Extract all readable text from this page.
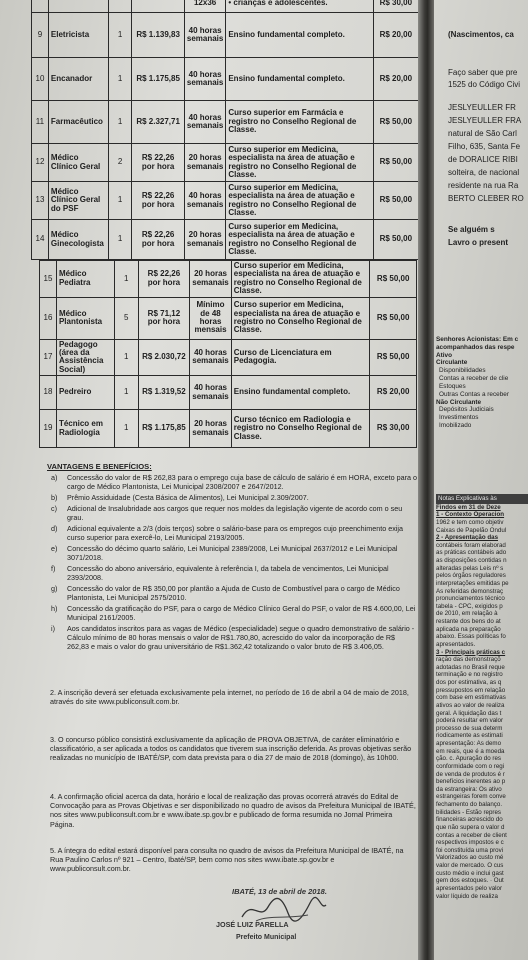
				12x36	• crianças e adolescentes.	R$ 30,00
9	Eletricista	1	R$ 1.139,83	40 horas semanais	Ensino fundamental completo.	R$ 20,00
10	Encanador	1	R$ 1.175,85	40 horas semanais	Ensino fundamental completo.	R$ 20,00
11	Farmacêutico	1	R$ 2.327,71	40 horas semanais	Curso superior em Farmácia e registro no Conselho Regional de Classe.	R$ 50,00
12	Médico Clínico Geral	2	R$ 22,26 por hora	20 horas semanais	Curso superior em Medicina, especialista na área de atuação e registro no Conselho Regional de Classe.	R$ 50,00
13	Médico Clínico Geral do PSF	1	R$ 22,26 por hora	40 horas semanais	Curso superior em Medicina, especialista na área de atuação e registro no Conselho Regional de Classe.	R$ 50,00
14	Médico Ginecologista	1	R$ 22,26 por hora	20 horas semanais	Curso superior em Medicina, especialista na área de atuação e registro no Conselho Regional de Classe.	R$ 50,00
15	Médico Pediatra	1	R$ 22,26 por hora	20 horas semanais	Curso superior em Medicina, especialista na área de atuação e registro no Conselho Regional de Classe.	R$ 50,00
16	Médico Plantonista	5	R$ 71,12 por hora	Mínimo de 48 horas mensais	Curso superior em Medicina, especialista na área de atuação e registro no Conselho Regional de Classe.	R$ 50,00
17	Pedagogo (área da Assistência Social)	1	R$ 2.030,72	40 horas semanais	Curso de Licenciatura em Pedagogia.	R$ 50,00
18	Pedreiro	1	R$ 1.319,52	40 horas semanais	Ensino fundamental completo.	R$ 20,00
19	Técnico em Radiologia	1	R$ 1.175,85	20 horas semanais	Curso técnico em Radiologia e registro no Conselho Regional de Classe.	R$ 30,00
VANTAGENS E BENEFÍCIOS:
a)	Concessão do valor de R$ 262,83 para o emprego cuja base de cálculo de salário é em HORA, exceto para o cargo de Médico Plantonista, Lei Municipal 2308/2007 e 2647/2012.
b)	Prêmio Assiduidade (Cesta Básica de Alimentos), Lei Municipal 2.309/2007.
c)	Adicional de Insalubridade aos cargos que requer nos moldes da legislação vigente de acordo com o seu grau.
d)	Adicional equivalente a 2/3 (dois terços) sobre o salário-base para os empregos cujo preenchimento exija curso superior para exercê-lo, Lei Municipal 2193/2005.
e)	Concessão do décimo quarto salário, Lei Municipal 2389/2008, Lei Municipal 2637/2012 e Lei Municipal 3071/2018.
f)	Concessão do abono aniversário, equivalente à referência I, da tabela de vencimentos, Lei Municipal 2393/2008.
g)	Concessão do valor de R$ 350,00 por plantão a Ajuda de Custo de Combustível para o cargo de Médico Plantonista, Lei Municipal 2575/2010.
h)	Concessão da gratificação do PSF, para o cargo de Médico Clínico Geral do PSF, o valor de R$ 4.600,00, Lei Municipal 2161/2005.
i)	Aos candidatos inscritos para as vagas de Médico (especialidade) segue o quadro demonstrativo de salário - Cálculo mínimo de 80 horas mensais o valor de R$1.780,80, acrescido do valor da incorporação de R$ 262,83 e mais o valor do grau universitário de R$1.362,42 totalizando o valor bruto de R$ 3.406,05.
2. A inscrição deverá ser efetuada exclusivamente pela internet, no período de 16 de abril a 04 de maio de 2018, através do site www.publiconsult.com.br.
3. O concurso público consistirá exclusivamente da aplicação de PROVA OBJETIVA, de caráter eliminatório e classificatório, a ser aplicada a todos os candidatos que tiverem sua inscrição deferida. As provas objetivas serão realizadas no município de IBATÉ/SP, com data prevista para o dia 27 de maio de 2018 (domingo), às 10h00.
4. A confirmação oficial acerca da data, horário e local de realização das provas ocorrerá através do Edital de Convocação para as Provas Objetivas e ser disponibilizado no quadro de avisos da Prefeitura Municipal de IBATÉ, nos sites www.publiconsult.com.br e www.ibate.sp.gov.br e publicado de forma resumida no Jornal Primeira Página.
5. A íntegra do edital estará disponível para consulta no quadro de avisos da Prefeitura Municipal de IBATÉ, na Rua Paulino Carlos nº 921 – Centro, Ibaté/SP, bem como nos sites www.ibate.sp.gov.br e www.publiconsult.com.br.
IBATÉ, 13 de abril de 2018.
JOSÉ LUIZ PARELLA
Prefeito Municipal
(Nascimentos, ca
Faço saber que pre
1525 do Código Civi
JESLYEULLER FR
JESLYEULLER FRA
natural de São Carl
Filho, 635, Santa Fe
de DORALICE RIBI
solteira, de nacional
residente na rua Ra
BERTO CLEBER RO
Se alguém s
Lavro o present
Senhores Acionistas: Em c acompanhados das respe
Ativo
Circulante
Disponibilidades
Contas a receber de clie
Estoques
Outras Contas a receber
Não Circulante
Depósitos Judiciais
Investimentos
Imobilizado
Notas Explicativas às
Findos em 31 de Deze
1 - Contexto Operacion
1962 e tem como objetiv
Caixas de Papelão Ondul
2 - Apresentação das
contábeis foram elaborad
as práticas contábeis ado
as disposições contidas n
alteradas pelas Leis nº s
pelos órgãos reguladores
interpretações emitidas pe
As referidas demonstraç
pronunciamentos técnico
tabela - CPC, exigidos p
de 2010, em relação à
restante dos bens do at
aplicada na preparação
abaixo. Essas políticas fo
apresentados.
3 - Principais práticas c
ração das demonstraçõ
adotadas no Brasil reque
terminação e no registro
dos por estimativa, as q
pressupostos em relação
com base em estimativas
ativos ao valor de realiza
geral. A liquidação das t
poderá resultar em valor
processo de sua determ
riodicamente as estimati
apresentação: As demo
em reais, que é a moeda
ção. c. Apuração do res
conformidade com o regi
de venda de produtos é r
benefícios inerentes ao p
da estrangeira: Os ativo
estrangeiras forem conve
fechamento do balanço.
bilidades - Estão repres
financeiras acrescido do
que não supera o valor d
contas a receber de client
respectivos impostos e c
foi constituída uma provi
Valorizados ao custo mé
valor de mercado. O cus
custo médio e inclui gast
gem dos estoques. · Out
apresentados pelo valor
valor líquido de realiza
